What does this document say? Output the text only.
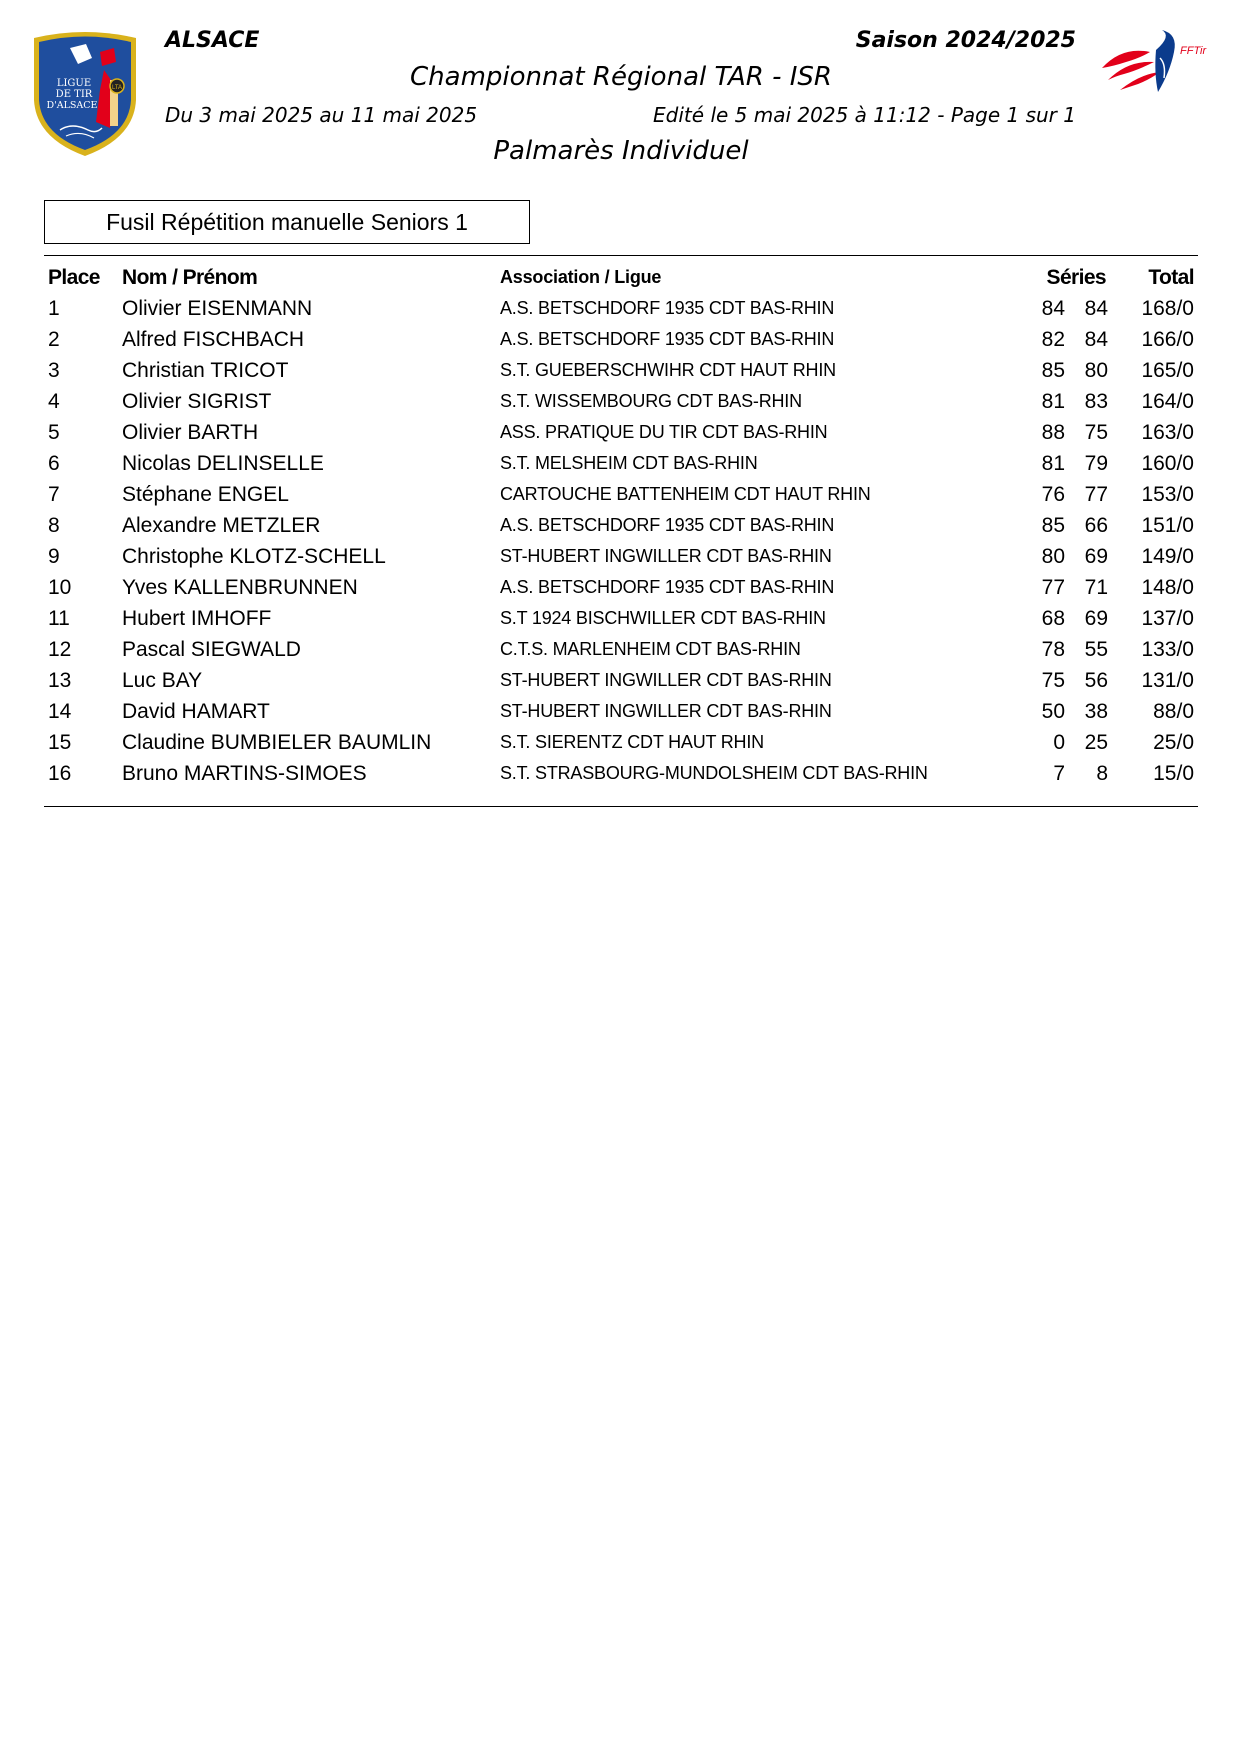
LTA
LIGUE
DE TIR
D'ALSACE
FFTir
ALSACE	Saison 2024/2025
Championnat Régional TAR - ISR
Du 3 mai 2025 au 11 mai 2025	Edité le 5 mai 2025 à 11:12 - Page 1 sur 1
Palmarès Individuel
Fusil Répétition manuelle Seniors 1
Place	Nom / Prénom	Association / Ligue	Séries		Total
1	Olivier EISENMANN	A.S. BETSCHDORF 1935 CDT BAS-RHIN	84	84	168/0
2	Alfred FISCHBACH	A.S. BETSCHDORF 1935 CDT BAS-RHIN	82	84	166/0
3	Christian TRICOT	S.T. GUEBERSCHWIHR CDT HAUT RHIN	85	80	165/0
4	Olivier SIGRIST	S.T. WISSEMBOURG CDT BAS-RHIN	81	83	164/0
5	Olivier BARTH	ASS. PRATIQUE DU TIR CDT BAS-RHIN	88	75	163/0
6	Nicolas DELINSELLE	S.T. MELSHEIM CDT BAS-RHIN	81	79	160/0
7	Stéphane ENGEL	CARTOUCHE BATTENHEIM CDT HAUT RHIN	76	77	153/0
8	Alexandre METZLER	A.S. BETSCHDORF 1935 CDT BAS-RHIN	85	66	151/0
9	Christophe KLOTZ-SCHELL	ST-HUBERT INGWILLER CDT BAS-RHIN	80	69	149/0
10	Yves KALLENBRUNNEN	A.S. BETSCHDORF 1935 CDT BAS-RHIN	77	71	148/0
11	Hubert IMHOFF	S.T 1924 BISCHWILLER CDT BAS-RHIN	68	69	137/0
12	Pascal SIEGWALD	C.T.S. MARLENHEIM CDT BAS-RHIN	78	55	133/0
13	Luc BAY	ST-HUBERT INGWILLER CDT BAS-RHIN	75	56	131/0
14	David HAMART	ST-HUBERT INGWILLER CDT BAS-RHIN	50	38	88/0
15	Claudine BUMBIELER BAUMLIN	S.T. SIERENTZ CDT HAUT RHIN	0	25	25/0
16	Bruno MARTINS-SIMOES	S.T. STRASBOURG-MUNDOLSHEIM CDT BAS-RHIN	7	8	15/0
